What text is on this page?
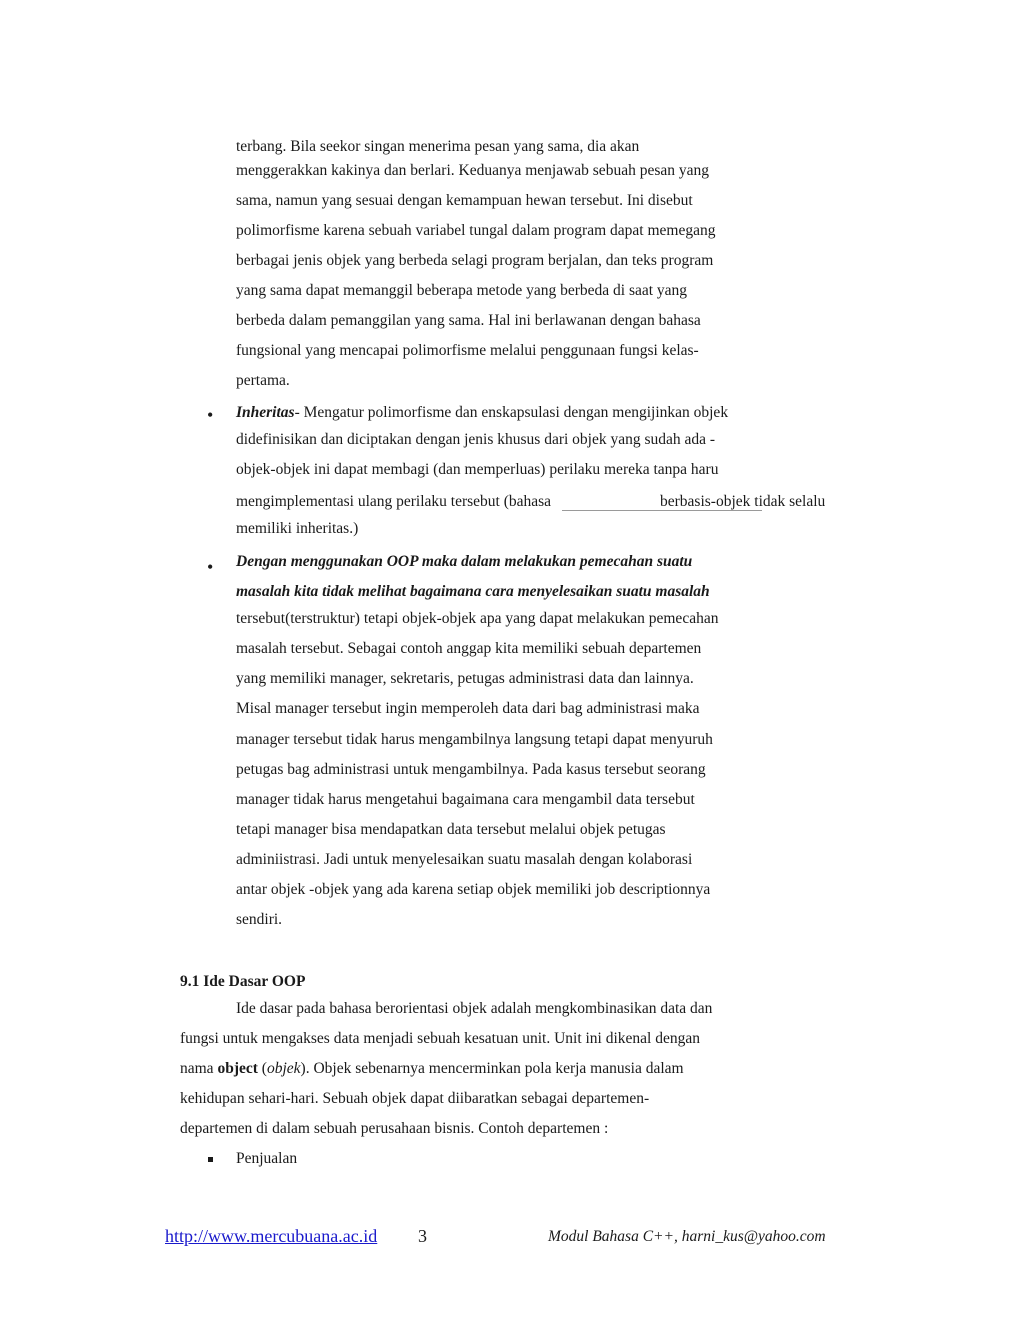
terbang. Bila seekor singan menerima pesan yang sama, dia akan
menggerakkan kakinya dan berlari. Keduanya menjawab sebuah pesan yang
sama, namun yang sesuai dengan kemampuan hewan tersebut. Ini disebut
polimorfisme karena sebuah variabel tungal dalam program dapat memegang
berbagai jenis objek yang berbeda selagi program berjalan, dan teks program
yang sama dapat memanggil beberapa metode yang berbeda di saat yang
berbeda dalam pemanggilan yang sama. Hal ini berlawanan dengan bahasa
fungsional yang mencapai polimorfisme melalui penggunaan fungsi kelas-
pertama.
• Inheritas- Mengatur polimorfisme dan enskapsulasi dengan mengijinkan objek
didefinisikan dan diciptakan dengan jenis khusus dari objek yang sudah ada -
objek-objek ini dapat membagi (dan memperluas) perilaku mereka tanpa haru
mengimplementasi ulang perilaku tersebut (bahasa	berbasis-objek tidak selalu
memiliki inheritas.)
• Dengan menggunakan OOP maka dalam melakukan pemecahan suatu
masalah kita tidak melihat bagaimana cara menyelesaikan suatu masalah
tersebut(terstruktur) tetapi objek-objek apa yang dapat melakukan pemecahan
masalah tersebut. Sebagai contoh anggap kita memiliki sebuah departemen
yang memiliki manager, sekretaris, petugas administrasi data dan lainnya.
Misal manager tersebut ingin memperoleh data dari bag administrasi maka
manager tersebut tidak harus mengambilnya langsung tetapi dapat menyuruh
petugas bag administrasi untuk mengambilnya. Pada kasus tersebut seorang
manager tidak harus mengetahui bagaimana cara mengambil data tersebut
tetapi manager bisa mendapatkan data tersebut melalui objek petugas
adminiistrasi. Jadi untuk menyelesaikan suatu masalah dengan kolaborasi
antar objek -objek yang ada karena setiap objek memiliki job descriptionnya
sendiri.
9.1 Ide Dasar OOP
Ide dasar pada bahasa berorientasi objek adalah mengkombinasikan data dan
fungsi untuk mengakses data menjadi sebuah kesatuan unit. Unit ini dikenal dengan
nama object (objek). Objek sebenarnya mencerminkan pola kerja manusia dalam
kehidupan sehari-hari. Sebuah objek dapat diibaratkan sebagai departemen-
departemen di dalam sebuah perusahaan bisnis. Contoh departemen :
Penjualan
http://www.mercubuana.ac.id 3	Modul Bahasa C++, harni_kus@yahoo.com
